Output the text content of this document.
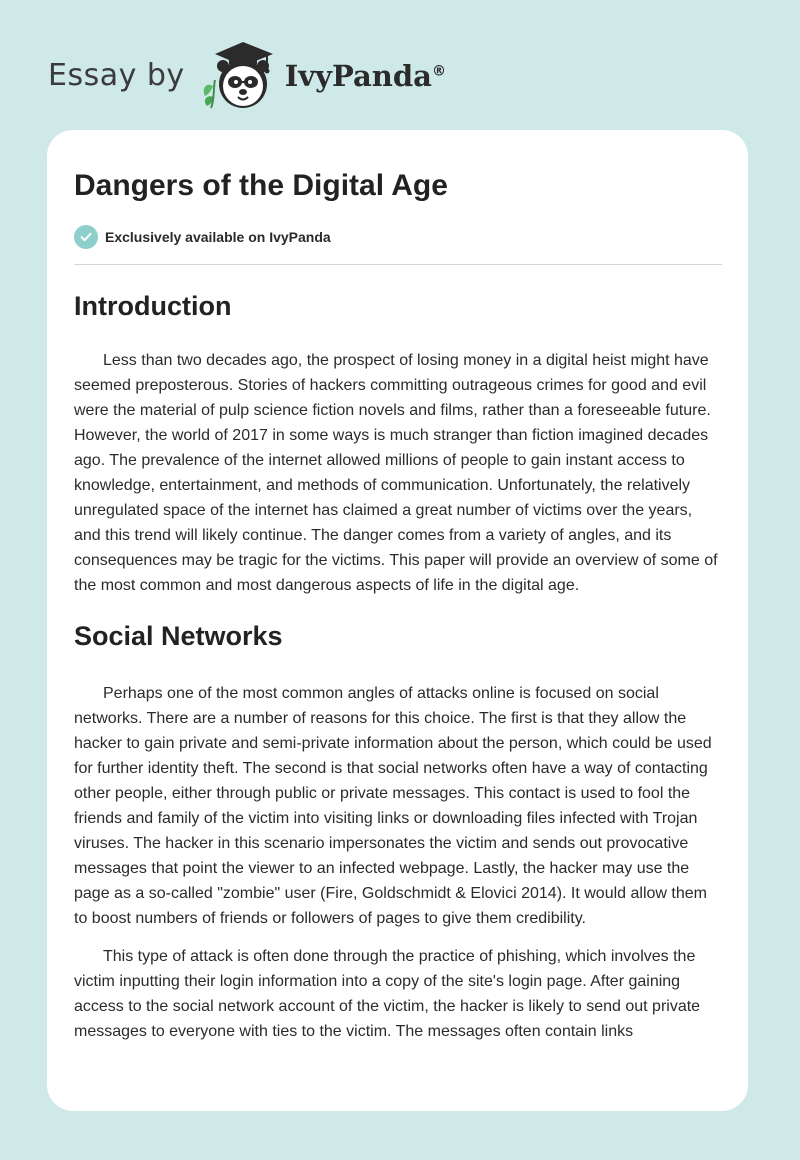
Essay by	IvyPanda®
Dangers of the Digital Age
Exclusively available on IvyPanda
Introduction

Less than two decades ago, the prospect of losing money in a digital heist might have seemed preposterous. Stories of hackers committing outrageous crimes for good and evil were the material of pulp science fiction novels and films, rather than a foreseeable future. However, the world of 2017 in some ways is much stranger than fiction imagined decades ago. The prevalence of the internet allowed millions of people to gain instant access to knowledge, entertainment, and methods of communication. Unfortunately, the relatively unregulated space of the internet has claimed a great number of victims over the years, and this trend will likely continue. The danger comes from a variety of angles, and its consequences may be tragic for the victims. This paper will provide an overview of some of the most common and most dangerous aspects of life in the digital age.

Social Networks

Perhaps one of the most common angles of attacks online is focused on social networks. There are a number of reasons for this choice. The first is that they allow the hacker to gain private and semi-private information about the person, which could be used for further identity theft. The second is that social networks often have a way of contacting other people, either through public or private messages. This contact is used to fool the friends and family of the victim into visiting links or downloading files infected with Trojan viruses. The hacker in this scenario impersonates the victim and sends out provocative messages that point the viewer to an infected webpage. Lastly, the hacker may use the page as a so-called "zombie" user (Fire, Goldschmidt & Elovici 2014). It would allow them to boost numbers of friends or followers of pages to give them credibility.

This type of attack is often done through the practice of phishing, which involves the victim inputting their login information into a copy of the site's login page. After gaining access to the social network account of the victim, the hacker is likely to send out private messages to everyone with ties to the victim. The messages often contain links
